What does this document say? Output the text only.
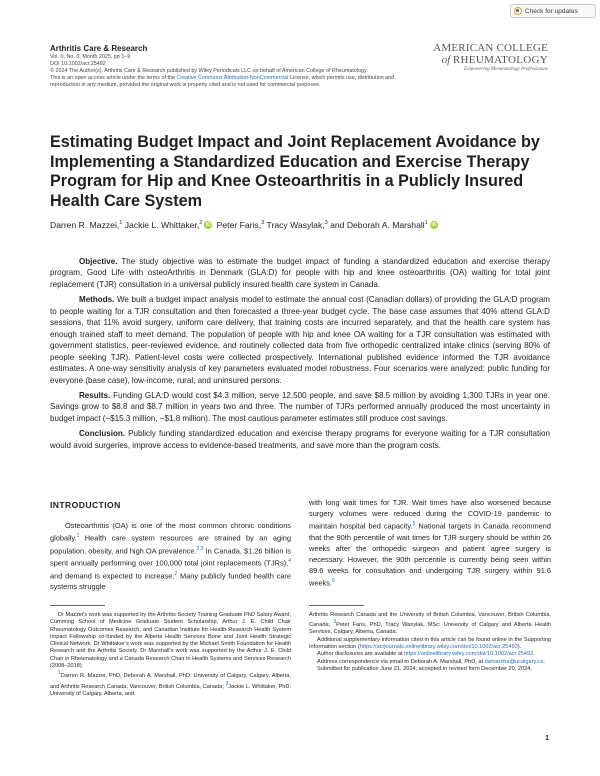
Check for updates
Arthritis Care & Research
Vol. 0, No. 0, Month 2025, pp 1–9
DOI 10.1002/acr.25492
© 2024 The Author(s). Arthritis Care & Research published by Wiley Periodicals LLC on behalf of American College of Rheumatology.
This is an open access article under the terms of the Creative Commons Attribution-NonCommercial License, which permits use, distribution and
reproduction in any medium, provided the original work is properly cited and is not used for commercial purposes.
AMERICAN COLLEGE
of RHEUMATOLOGY
Empowering Rheumatology Professionals
Estimating Budget Impact and Joint Replacement Avoidance by Implementing a Standardized Education and Exercise Therapy Program for Hip and Knee Osteoarthritis in a Publicly Insured Health Care System
Darren R. Mazzei,$^1$
Jackie L. Whittaker,$^2$ iD
Peter Faris,$^3$
Tracy Wasylak,$^3$
and Deborah A. Marshall$^1$ iD

Objective. The study objective was to estimate the budget impact of funding a standardized education and exercise therapy program, Good Life with osteoArthritis in Denmark (GLA:D) for people with hip and knee osteoarthritis (OA) waiting for total joint replacement (TJR) consultation in a universal publicly insured health care system in Canada.

Methods. We built a budget impact analysis model to estimate the annual cost (Canadian dollars) of providing the GLA:D program to people waiting for a TJR consultation and then forecasted a three-year budget cycle. The base case assumes that 40% attend GLA:D sessions, that 11% avoid surgery, uniform care delivery, that training costs are incurred separately, and that the health care system has enough trained staff to meet demand. The population of people with hip and knee OA waiting for a TJR consultation was estimated with government statistics, peer-reviewed evidence, and routinely collected data from five orthopedic centralized intake clinics (serving 80% of people seeking TJR). Patient-level costs were collected prospectively. International published evidence informed the TJR avoidance estimates. A one-way sensitivity analysis of key parameters evaluated model robustness. Four scenarios were analyzed: public funding for everyone (base case), low-income, rural, and uninsured persons.

Results. Funding GLA:D would cost $4.3 million, serve 12,500 people, and save $8.5 million by avoiding 1,300 TJRs in year one. Savings grow to $8.8 and $8.7 million in years two and three. The number of TJRs performed annually produced the most uncertainty in budget impact (−$15.3 million, −$1.8 million). The most cautious parameter estimates still produce cost savings.

Conclusion. Publicly funding standardized education and exercise therapy programs for everyone waiting for a TJR consultation would avoid surgeries, improve access to evidence-based treatments, and save more than the program costs.

INTRODUCTION

Osteoarthritis (OA) is one of the most common chronic conditions globally.$^1$ Health care system resources are strained by an aging population, obesity, and high OA prevalence.$^{2,3}$ In Canada, $1.26 billion is spent annually performing over 100,000 total joint replacements (TJRs),$^4$ and demand is expected to increase.$^2$ Many publicly funded health care systems struggle

with long wait times for TJR. Wait times have also worsened because surgery volumes were reduced during the COVID-19 pandemic to maintain hospital bed capacity.$^5$ National targets in Canada recommend that the 90th percentile of wait times for TJR surgery should be within 26 weeks after the orthopedic surgeon and patient agree surgery is necessary. However, the 90th percentile is currently being seen within 89.6 weeks for consultation and undergoing TJR surgery within 91.6 weeks.$^6$

Dr Mazzei's work was supported by the Arthritis Society Training Graduate PhD Salary Award, Cumming School of Medicine Graduate Student Scholarship, Arthur J. E. Child Chair Rheumatology Outcomes Research, and Canadian Institute for Health Research Health System Impact Fellowship co-funded by the Alberta Health Services Bone and Joint Health Strategic Clinical Network. Dr Whittaker's work was supported by the Michael Smith Foundation for Health Research and the Arthritis Society. Dr Marshall's work was supported by the Arthur J. E. Child Chair in Rheumatology and a Canada Research Chair in Health Systems and Services Research (2008–2018).

$^1$Darren R. Mazzei, PhD, Deborah A. Marshall, PhD: University of Calgary, Calgary, Alberta, and Arthritis Research Canada, Vancouver, British Columbia, Canada; $^2$Jackie L. Whittaker, PhD: University of Calgary, Alberta, and

Arthritis Research Canada and the University of British Columbia, Vancouver, British Columbia, Canada; $^3$Peter Faris, PhD, Tracy Wasylak, MSc: University of Calgary and Alberta Health Services, Calgary, Alberta, Canada.

Additional supplementary information cited in this article can be found online in the Supporting Information section (https://acrjournals.onlinelibrary.wiley.com/doi/10.1002/acr.25492).

Author disclosures are available at https://onlinelibrary.wiley.com/doi/10.1002/acr.25492.

Address correspondence via email to Deborah A. Marshall, PhD, at damarsha@ucalgary.ca.

Submitted for publication June 21, 2024; accepted in revised form December 20, 2024.

1
